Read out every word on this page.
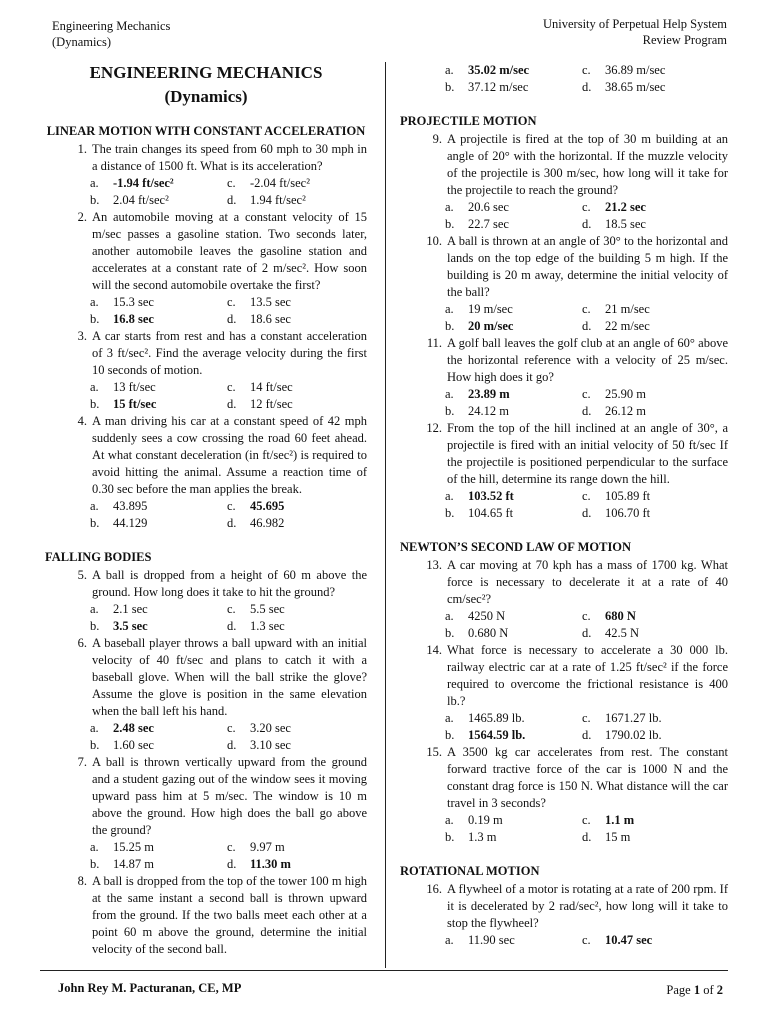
Engineering Mechanics
(Dynamics)
University of Perpetual Help System
Review Program
ENGINEERING MECHANICS
(Dynamics)
LINEAR MOTION WITH CONSTANT ACCELERATION
1. The train changes its speed from 60 mph to 30 mph in a distance of 1500 ft. What is its acceleration?
a.	-1.94 ft/sec²	c.	-2.04 ft/sec²
b.	2.04 ft/sec²	d.	1.94 ft/sec²
2. An automobile moving at a constant velocity of 15 m/sec passes a gasoline station. Two seconds later, another automobile leaves the gasoline station and accelerates at a constant rate of 2 m/sec². How soon will the second automobile overtake the first?
a.	15.3 sec	c.	13.5 sec
b.	16.8 sec	d.	18.6 sec
3. A car starts from rest and has a constant acceleration of 3 ft/sec². Find the average velocity during the first 10 seconds of motion.
a.	13 ft/sec	c.	14 ft/sec
b.	15 ft/sec	d.	12 ft/sec
4. A man driving his car at a constant speed of 42 mph suddenly sees a cow crossing the road 60 feet ahead. At what constant deceleration (in ft/sec²) is required to avoid hitting the animal. Assume a reaction time of 0.30 sec before the man applies the break.
a.	43.895	c.	45.695
b.	44.129	d.	46.982
FALLING BODIES
5. A ball is dropped from a height of 60 m above the ground. How long does it take to hit the ground?
a.	2.1 sec	c.	5.5 sec
b.	3.5 sec	d.	1.3 sec
6. A baseball player throws a ball upward with an initial velocity of 40 ft/sec and plans to catch it with a baseball glove. When will the ball strike the glove? Assume the glove is position in the same elevation when the ball left his hand.
a.	2.48 sec	c.	3.20 sec
b.	1.60 sec	d.	3.10 sec
7. A ball is thrown vertically upward from the ground and a student gazing out of the window sees it moving upward pass him at 5 m/sec. The window is 10 m above the ground. How high does the ball go above the ground?
a.	15.25 m	c.	9.97 m
b.	14.87 m	d.	11.30 m
8. A ball is dropped from the top of the tower 100 m high at the same instant a second ball is thrown upward from the ground. If the two balls meet each other at a point 60 m above the ground, determine the initial velocity of the second ball.
a.	35.02 m/sec	c.	36.89 m/sec
b.	37.12 m/sec	d.	38.65 m/sec
PROJECTILE MOTION
9. A projectile is fired at the top of 30 m building at an angle of 20° with the horizontal. If the muzzle velocity of the projectile is 300 m/sec, how long will it take for the projectile to reach the ground?
a.	20.6 sec	c.	21.2 sec
b.	22.7 sec	d.	18.5 sec
10. A ball is thrown at an angle of 30° to the horizontal and lands on the top edge of the building 5 m high. If the building is 20 m away, determine the initial velocity of the ball?
a.	19 m/sec	c.	21 m/sec
b.	20 m/sec	d.	22 m/sec
11. A golf ball leaves the golf club at an angle of 60° above the horizontal reference with a velocity of 25 m/sec. How high does it go?
a.	23.89 m	c.	25.90 m
b.	24.12 m	d.	26.12 m
12. From the top of the hill inclined at an angle of 30°, a projectile is fired with an initial velocity of 50 ft/sec If the projectile is positioned perpendicular to the surface of the hill, determine its range down the hill.
a.	103.52 ft	c.	105.89 ft
b.	104.65 ft	d.	106.70 ft
NEWTON’S SECOND LAW OF MOTION
13. A car moving at 70 kph has a mass of 1700 kg. What force is necessary to decelerate it at a rate of 40 cm/sec²?
a.	4250 N	c.	680 N
b.	0.680 N	d.	42.5 N
14. What force is necessary to accelerate a 30 000 lb. railway electric car at a rate of 1.25 ft/sec² if the force required to overcome the frictional resistance is 400 lb.?
a.	1465.89 lb.	c.	1671.27 lb.
b.	1564.59 lb.	d.	1790.02 lb.
15. A 3500 kg car accelerates from rest. The constant forward tractive force of the car is 1000 N and the constant drag force is 150 N. What distance will the car travel in 3 seconds?
a.	0.19 m	c.	1.1 m
b.	1.3 m	d.	15 m
ROTATIONAL MOTION
16. A flywheel of a motor is rotating at a rate of 200 rpm. If it is decelerated by 2 rad/sec², how long will it take to stop the flywheel?
a.	11.90 sec	c.	10.47 sec
John Rey M. Pacturanan, CE, MP	Page 1 of 2
